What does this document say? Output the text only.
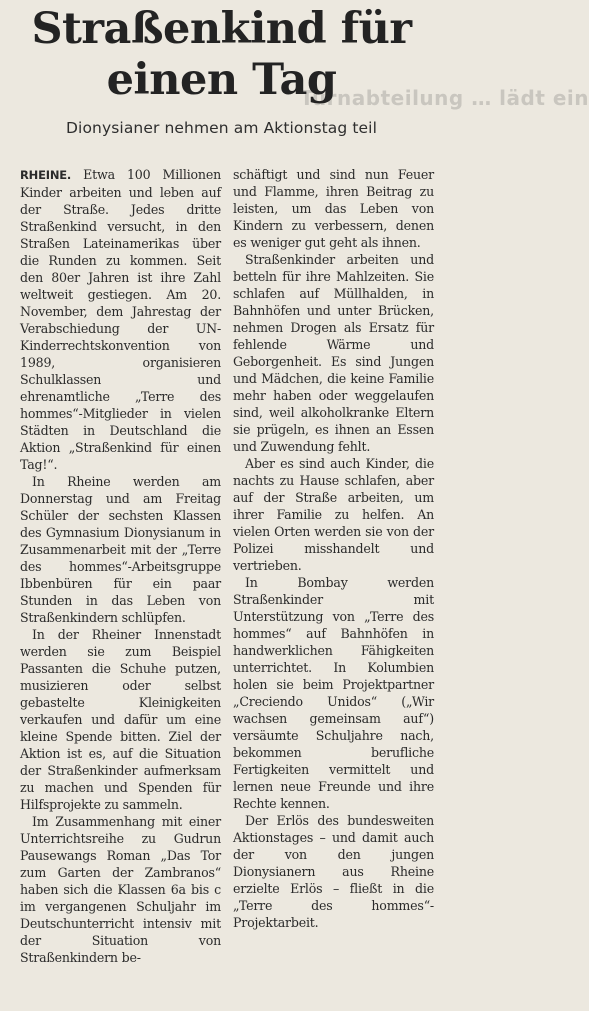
Turnabteilung … lädt ein
Straßenkind für
einen Tag
Dionysianer nehmen am Aktionstag teil

RHEINE. Etwa 100 Millionen Kinder arbeiten und leben auf der Straße. Jedes dritte Straßenkind versucht, in den Straßen Lateinamerikas über die Runden zu kommen. Seit den 80er Jahren ist ihre Zahl weltweit gestiegen. Am 20. November, dem Jahrestag der Verabschiedung der UN-Kinderrechtskonvention von 1989, organisieren Schulklassen und ehrenamtliche „Terre des hommes“-Mitglieder in vielen Städten in Deutschland die Aktion „Straßenkind für einen Tag!“.

In Rheine werden am Donnerstag und am Freitag Schüler der sechsten Klassen des Gymnasium Dionysianum in Zusammenarbeit mit der „Terre des hommes“-Arbeitsgruppe Ibbenbüren für ein paar Stunden in das Leben von Straßenkindern schlüpfen.

In der Rheiner Innenstadt werden sie zum Beispiel Passanten die Schuhe putzen, musizieren oder selbst gebastelte Kleinigkeiten verkaufen und dafür um eine kleine Spende bitten. Ziel der Aktion ist es, auf die Situation der Straßenkinder aufmerksam zu machen und Spenden für Hilfsprojekte zu sammeln.

Im Zusammenhang mit einer Unterrichtsreihe zu Gudrun Pausewangs Roman „Das Tor zum Garten der Zambranos“ haben sich die Klassen 6a bis c im vergangenen Schuljahr im Deutschunterricht intensiv mit der Situation von Straßenkindern be-

schäftigt und sind nun Feuer und Flamme, ihren Beitrag zu leisten, um das Leben von Kindern zu verbessern, denen es weniger gut geht als ihnen.

Straßenkinder arbeiten und betteln für ihre Mahlzeiten. Sie schlafen auf Müllhalden, in Bahnhöfen und unter Brücken, nehmen Drogen als Ersatz für fehlende Wärme und Geborgenheit. Es sind Jungen und Mädchen, die keine Familie mehr haben oder weggelaufen sind, weil alkoholkranke Eltern sie prügeln, es ihnen an Essen und Zuwendung fehlt.

Aber es sind auch Kinder, die nachts zu Hause schlafen, aber auf der Straße arbeiten, um ihrer Familie zu helfen. An vielen Orten werden sie von der Polizei misshandelt und vertrieben.

In Bombay werden Straßenkinder mit Unterstützung von „Terre des hommes“ auf Bahnhöfen in handwerklichen Fähigkeiten unterrichtet. In Kolumbien holen sie beim Projektpartner „Creciendo Unidos“ („Wir wachsen gemeinsam auf“) versäumte Schuljahre nach, bekommen berufliche Fertigkeiten vermittelt und lernen neue Freunde und ihre Rechte kennen.

Der Erlös des bundesweiten Aktionstages – und damit auch der von den jungen Dionysianern aus Rheine erzielte Erlös – fließt in die „Terre des hommes“-Projektarbeit.
